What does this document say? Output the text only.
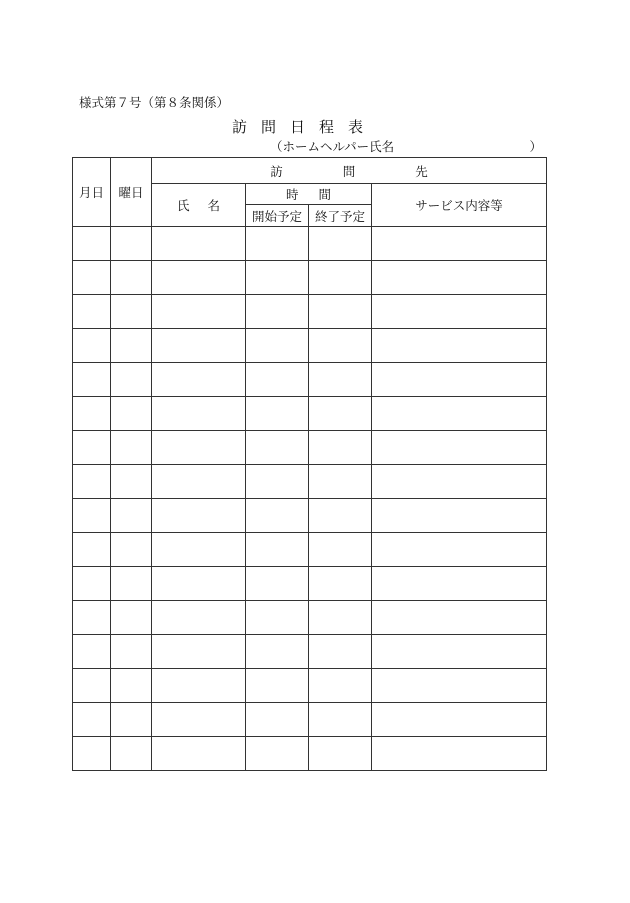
様式第７号（第８条関係）
訪問日程表
（ホームヘルパー氏名	）
月日	曜日	訪問先			
		氏名	時間		サービス内容等
			開始予定	終了予定	
